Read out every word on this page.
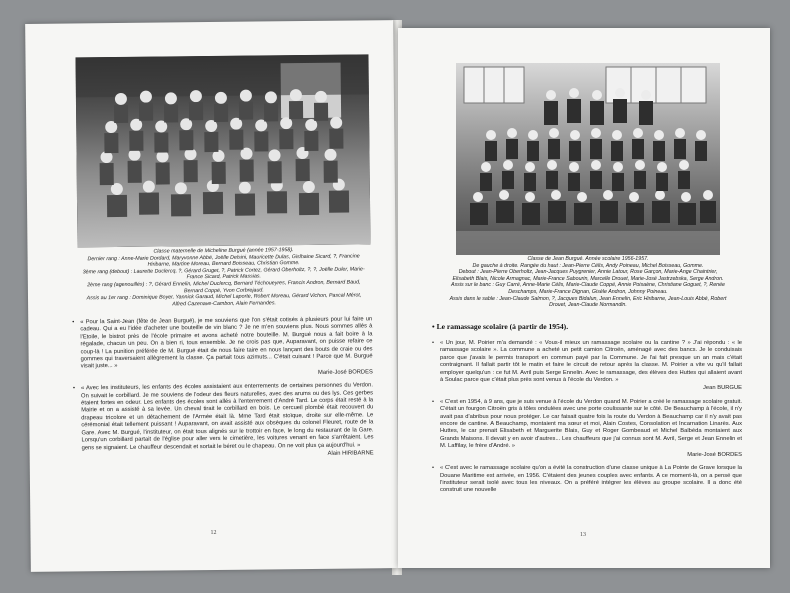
Classe maternelle de Micheline Burgué (année 1957-1958).
Dernier rang : Anne-Marie Dordard, Maryvonne Abbé, Joëlle Delsini, Mauricette Dulas, Gislhaine Sicard, ?, Francine
Hiribarne, Martine Moreau, Bernard Boisseau, Christian Gomme.
3ème rang (debout) : Laurette Duclercq, ?, Gérard Gruget, ?, Patrick Cortez, Gérard Oberholtz, ?, ?, Joëlle Duler, Marie-
France Sicard, Patrick Massias.
2ème rang (agenouillés) : ?, Gérard Ennelin, Michel Duclercq, Bernard Téchoueyres, Francis Andron, Bernard Baud,
Bernard Coppé, Yvon Corbrejaud.
Assis au 1er rang : Dominique Boyer, Yannick Garaud, Michel Laporte, Robert Moreau, Gérard Vichon, Pascal Mérot,
Alfred Cazenave-Cambon, Alain Fernandes.

• « Pour la Saint-Jean (fête de Jean Burgué), je me souviens que l'on s'était cotisés à plusieurs pour lui faire un cadeau. Qui a eu l'idée d'acheter une bouteille de vin blanc ? Je ne m'en souviens plus. Nous sommes allés à l'Etoile, le bistrot près de l'école primaire et avons acheté notre bouteille. M. Burgué nous a fait boire à la régalade, chacun un peu. On a bien ri, tous ensemble. Je ne crois pas que, Auparavant, on puisse refaire ce coup-là ! La punition préférée de M. Burgué était de nous faire taire en nous lançant des bouts de craie ou des gommes qui traversaient allègrement la classe. Ça partait tous azimuts... C'était cuisant ! Parce que M. Burgué visait juste... »
Marie-José BORDES

• « Avec les instituteurs, les enfants des écoles assistaient aux enterrements de certaines personnes du Verdon. On suivait le corbillard. Je me souviens de l'odeur des fleurs naturelles, avec des arums ou des lys. Ces gerbes étaient fortes en odeur. Les enfants des écoles sont allés à l'enterrement d'André Tard. Le corps était resté à la Mairie et on a assisté à sa levée. Un cheval tirait le corbillard en bois. Le cercueil plombé était recouvert du drapeau tricolore et un détachement de l'Armée était là. Mme Tard était stoïque, droite sur elle-même. Le cérémonial était tellement puissant ! Auparavant, on avait assisté aux obsèques du colonel Fleuret, route de la Gare. Avec M. Burgué, l'instituteur, on était tous alignés sur le trottoir en face, le long du restaurant de la Gare. Lorsqu'un corbillard partait de l'église pour aller vers le cimetière, les voitures venant en face s'arrêtaient. Les gens se signaient. Le chauffeur descendait et sortait le béret ou le chapeau. On ne voit plus ça aujourd'hui. »
Alain HIRIBARNE

12
Classe de Jean Burgué. Année scolaire 1956-1957.
De gauche à droite. Rangée du haut : Jean-Pierre Célis, Andy Poineau, Michel Boisseau, Gomme.
Debout : Jean-Pierre Oberholtz, Jean-Jacques Puygrenier, Annie Latour, Rose Garçon, Marie-Ange Chaintrier,
Elisabeth Blais, Nicole Armagnac, Marie-France Sabourin, Marcelle Drouet, Marie-José Jastrzebska, Serge Andron.
Assis sur le banc : Guy Carré, Anne-Marie Célis, Marie-Claude Coppé, Annie Poisaène, Christiane Goguet, ?, Renée
Deschamps, Marie-France Dignan, Gisèle Andron, Johnny Poineau.
Assis dans le sable : Jean-Claude Salmon, ?, Jacques Bidalun, Jean Ennelin, Eric Hiribarne, Jean-Louis Abbé, Robert
Drouet, Jean-Claude Normandin.
• Le ramassage scolaire (à partir de 1954).

• « Un jour, M. Poirier m'a demandé : « Vous-il mieux un ramassage scolaire ou la cantine ? » J'ai répondu : « le ramassage scolaire ». La commune a acheté un petit camion Citroën, aménagé avec des bancs. Je le conduisais parce que j'avais le permis transport en commun payé par la Commune. Je l'ai fait presque un an mais c'était contraignant. Il fallait partir tôt le matin et faire le circuit de retour après la classe. M. Poirier a vite vu qu'il fallait employer quelqu'un : ce fut M. Avril puis Serge Ennelin. Avec le ramassage, des élèves des Huttes qui allaient avant à Soulac parce que c'était plus près sont venus à l'école du Verdon. »
Jean BURGUE

• « C'est en 1954, à 9 ans, que je suis venue à l'école du Verdon quand M. Poirier a créé le ramassage scolaire gratuit. C'était un fourgon Citroën gris à tôles ondulées avec une porte coulissante sur le côté. De Beauchamp à l'école, il n'y avait pas d'abribus pour nous protéger. Le car faisait quatre fois la route du Verdon à Beauchamp car il n'y avait pas encore de cantine. A Beauchamp, montaient ma sœur et moi, Alain Costes, Consolation et Incarnation Linarès. Aux Huttes, le car prenait Elisabeth et Marguerite Blais, Guy et Roger Gombeaud et Michel Balbéda montaient aux Grands Maisons. Il devait y en avoir d'autres... Les chauffeurs que j'ai connus sont M. Avril, Serge et Jean Ennelin et M. Laffilay, le frère d'André. »
Marie-José BORDES

• « C'est avec le ramassage scolaire qu'on a évité la construction d'une classe unique à La Pointe de Grave lorsque la Douane Maritime est arrivée, en 1956. C'étaient des jeunes couples avec enfants. A ce moment-là, on a pensé que l'instituteur serait isolé avec tous les niveaux. On a préféré intégrer les élèves au groupe scolaire. Il a donc été construit une nouvelle

13
